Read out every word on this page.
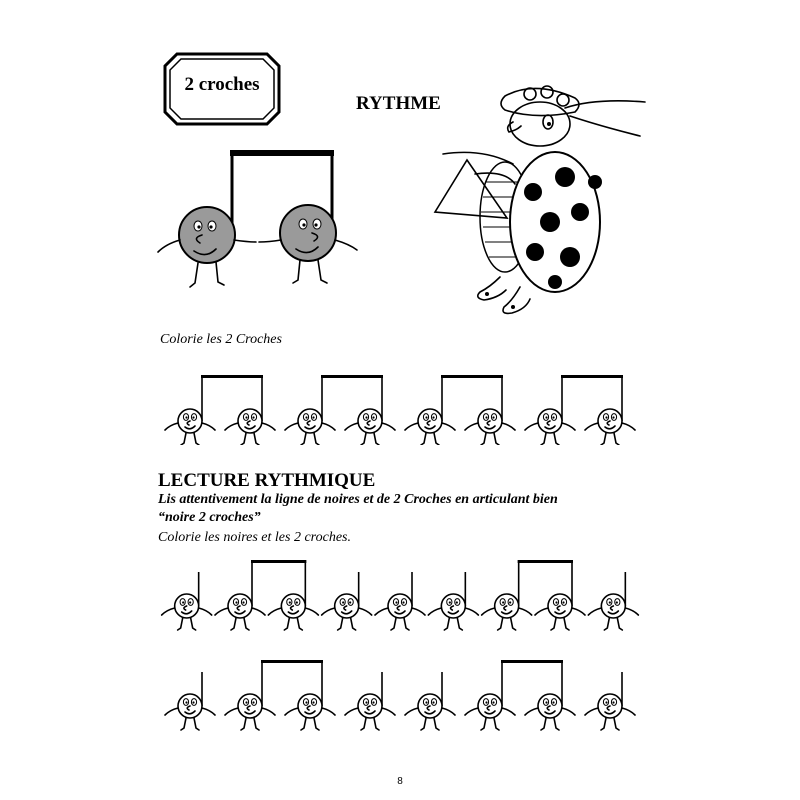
2 croches
RYTHME
Colorie les 2 Croches
LECTURE RYTHMIQUE
Lis attentivement la ligne de noires et de 2 Croches en articulant bien
“noire 2 croches”
Colorie les noires et les 2 croches.
8
